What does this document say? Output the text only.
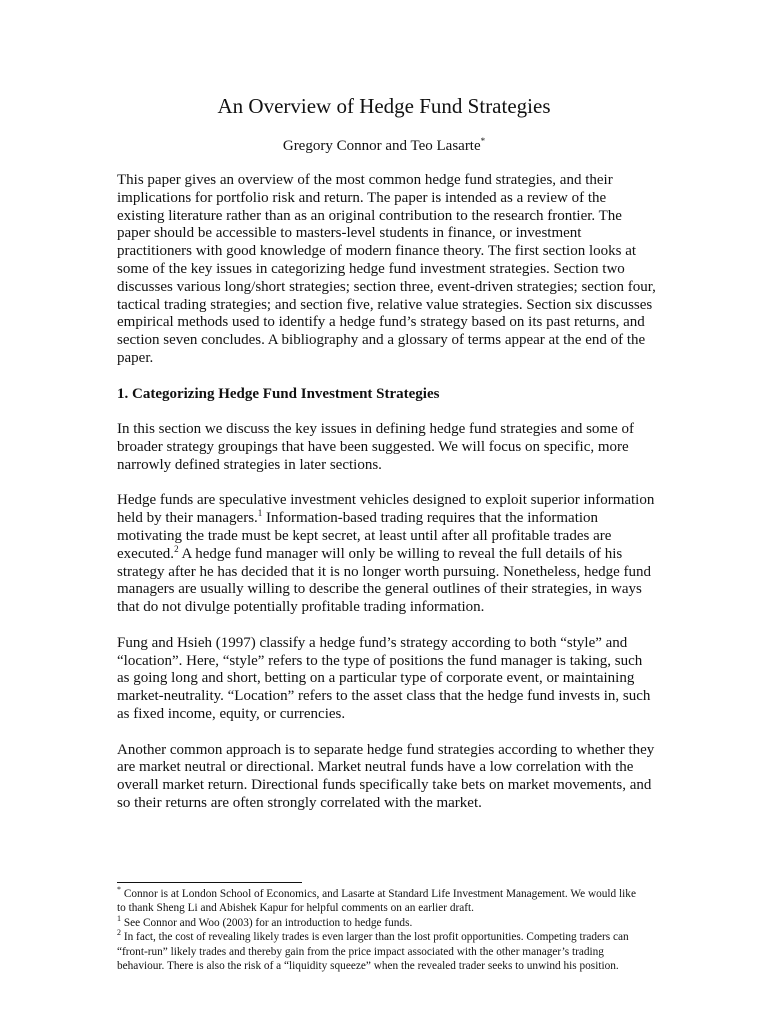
An Overview of Hedge Fund Strategies
Gregory Connor and Teo Lasarte*

This paper gives an overview of the most common hedge fund strategies, and their implications for portfolio risk and return. The paper is intended as a review of the existing literature rather than as an original contribution to the research frontier. The paper should be accessible to masters-level students in finance, or investment practitioners with good knowledge of modern finance theory. The first section looks at some of the key issues in categorizing hedge fund investment strategies. Section two discusses various long/short strategies; section three, event-driven strategies; section four, tactical trading strategies; and section five, relative value strategies. Section six discusses empirical methods used to identify a hedge fund’s strategy based on its past returns, and section seven concludes. A bibliography and a glossary of terms appear at the end of the paper.

1. Categorizing Hedge Fund Investment Strategies

In this section we discuss the key issues in defining hedge fund strategies and some of broader strategy groupings that have been suggested. We will focus on specific, more narrowly defined strategies in later sections.

Hedge funds are speculative investment vehicles designed to exploit superior information held by their managers.$^1$ Information-based trading requires that the information motivating the trade must be kept secret, at least until after all profitable trades are executed.$^2$ A hedge fund manager will only be willing to reveal the full details of his strategy after he has decided that it is no longer worth pursuing. Nonetheless, hedge fund managers are usually willing to describe the general outlines of their strategies, in ways that do not divulge potentially profitable trading information.

Fung and Hsieh (1997) classify a hedge fund’s strategy according to both “style” and “location”. Here, “style” refers to the type of positions the fund manager is taking, such as going long and short, betting on a particular type of corporate event, or maintaining market-neutrality. “Location” refers to the asset class that the hedge fund invests in, such as fixed income, equity, or currencies.

Another common approach is to separate hedge fund strategies according to whether they are market neutral or directional. Market neutral funds have a low correlation with the overall market return. Directional funds specifically take bets on market movements, and so their returns are often strongly correlated with the market.

* Connor is at London School of Economics, and Lasarte at Standard Life Investment Management. We would like to thank Sheng Li and Abishek Kapur for helpful comments on an earlier draft.

$^1$ See Connor and Woo (2003) for an introduction to hedge funds.

$^2$ In fact, the cost of revealing likely trades is even larger than the lost profit opportunities. Competing traders can “front-run” likely trades and thereby gain from the price impact associated with the other manager’s trading behaviour. There is also the risk of a “liquidity squeeze” when the revealed trader seeks to unwind his position.
